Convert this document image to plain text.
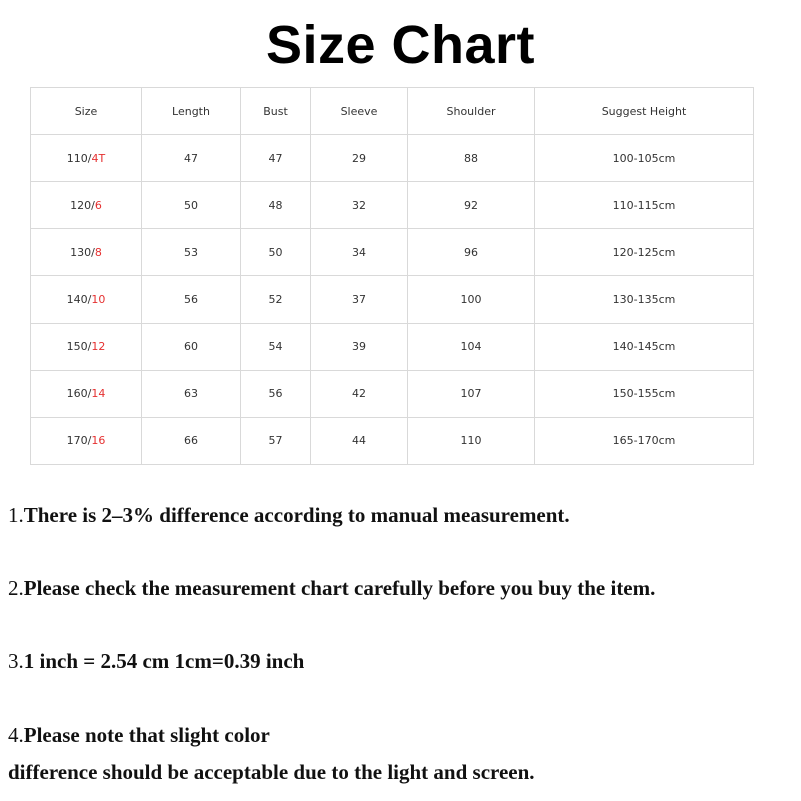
Size Chart
Size	Length	Bust	Sleeve	Shoulder	Suggest Height
110/4T	47	47	29	88	100-105cm
120/6	50	48	32	92	110-115cm
130/8	53	50	34	96	120-125cm
140/10	56	52	37	100	130-135cm
150/12	60	54	39	104	140-145cm
160/14	63	56	42	107	150-155cm
170/16	66	57	44	110	165-170cm
1.There is 2–3% difference according to manual measurement.
2.Please check the measurement chart carefully before you buy the item.
3.1 inch = 2.54 cm 1cm=0.39 inch
4.Please note that slight color
difference should be acceptable due to the light and screen.
